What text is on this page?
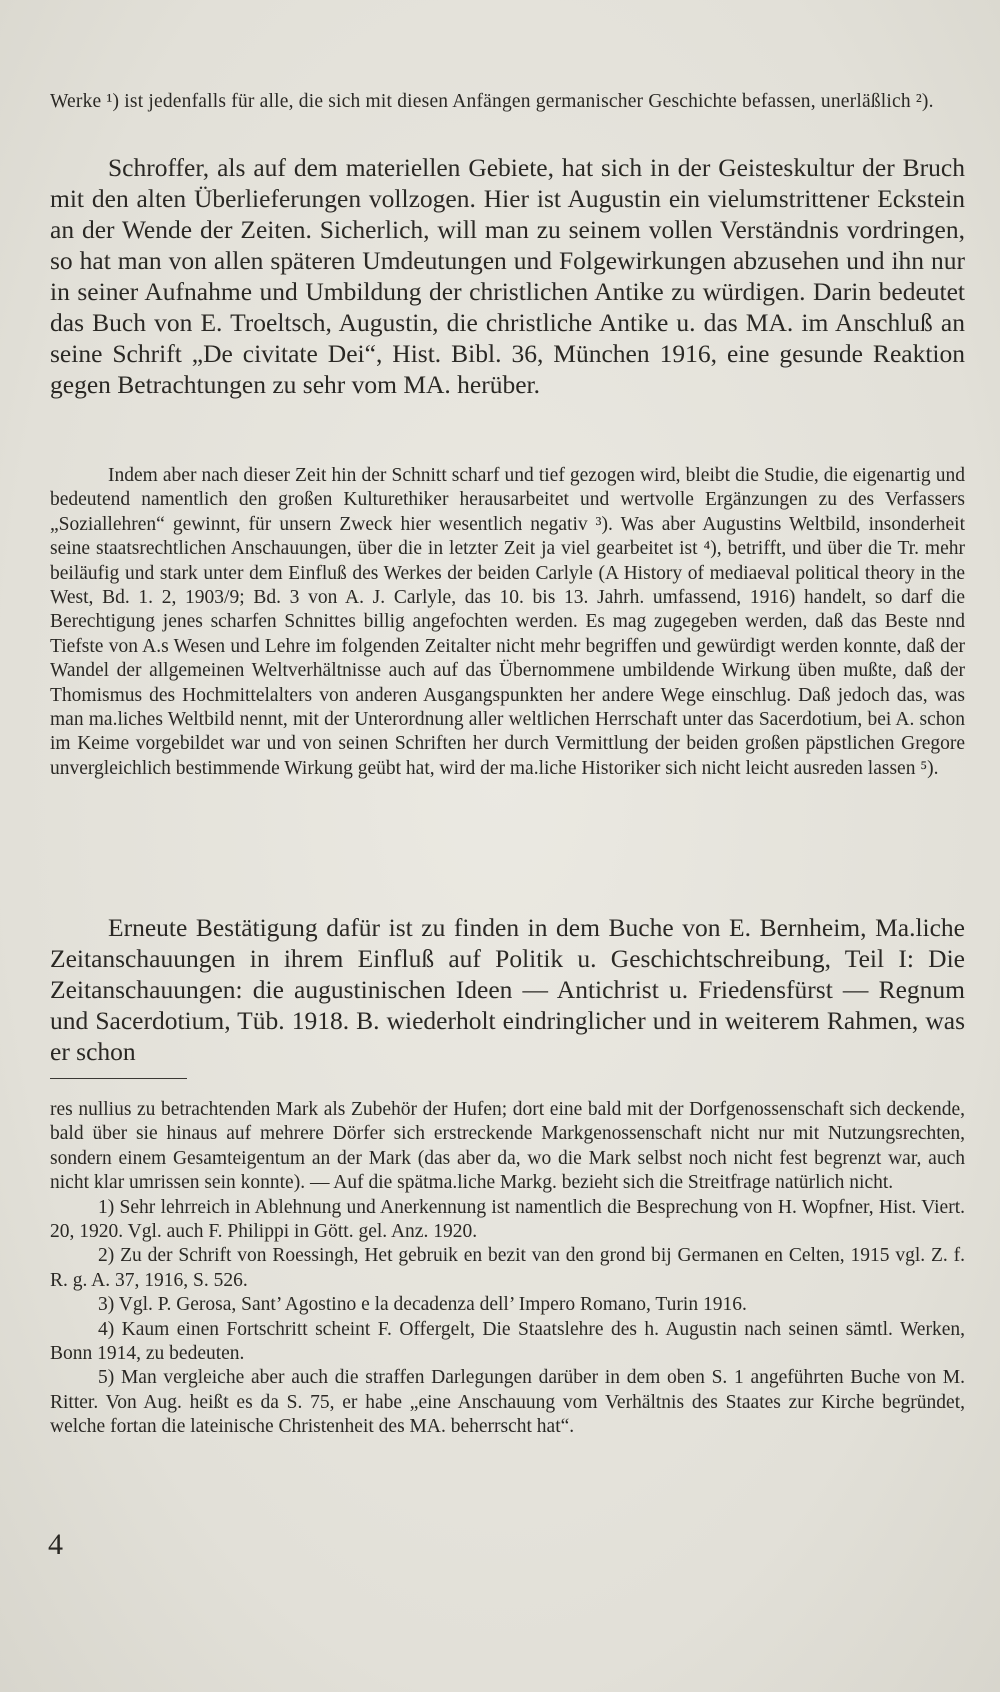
Werke ¹) ist jedenfalls für alle, die sich mit diesen Anfängen germanischer Geschichte befassen, unerläßlich ²).

Schroffer, als auf dem materiellen Gebiete, hat sich in der Geisteskultur der Bruch mit den alten Überlieferungen vollzogen. Hier ist Augustin ein vielumstrittener Eckstein an der Wende der Zeiten. Sicherlich, will man zu seinem vollen Verständnis vordringen, so hat man von allen späteren Umdeutungen und Folgewirkungen abzusehen und ihn nur in seiner Aufnahme und Umbildung der christlichen Antike zu würdigen. Darin bedeutet das Buch von E. Troeltsch, Augustin, die christliche Antike u. das MA. im Anschluß an seine Schrift „De civitate Dei“, Hist. Bibl. 36, München 1916, eine gesunde Reaktion gegen Betrachtungen zu sehr vom MA. herüber.

Indem aber nach dieser Zeit hin der Schnitt scharf und tief gezogen wird, bleibt die Studie, die eigenartig und bedeutend namentlich den großen Kulturethiker herausarbeitet und wertvolle Ergänzungen zu des Verfassers „Soziallehren“ gewinnt, für unsern Zweck hier wesentlich negativ ³). Was aber Augustins Weltbild, insonderheit seine staatsrechtlichen Anschauungen, über die in letzter Zeit ja viel gearbeitet ist ⁴), betrifft, und über die Tr. mehr beiläufig und stark unter dem Einfluß des Werkes der beiden Carlyle (A History of mediaeval political theory in the West, Bd. 1. 2, 1903/9; Bd. 3 von A. J. Carlyle, das 10. bis 13. Jahrh. umfassend, 1916) handelt, so darf die Berechtigung jenes scharfen Schnittes billig angefochten werden. Es mag zugegeben werden, daß das Beste nnd Tiefste von A.s Wesen und Lehre im folgenden Zeitalter nicht mehr begriffen und gewürdigt werden konnte, daß der Wandel der allgemeinen Weltverhältnisse auch auf das Übernommene umbildende Wirkung üben mußte, daß der Thomismus des Hochmittelalters von anderen Ausgangspunkten her andere Wege einschlug. Daß jedoch das, was man ma.liches Weltbild nennt, mit der Unterordnung aller weltlichen Herrschaft unter das Sacerdotium, bei A. schon im Keime vorgebildet war und von seinen Schriften her durch Vermittlung der beiden großen päpstlichen Gregore unvergleichlich bestimmende Wirkung geübt hat, wird der ma.liche Historiker sich nicht leicht ausreden lassen ⁵).

Erneute Bestätigung dafür ist zu finden in dem Buche von E. Bernheim, Ma.liche Zeitanschauungen in ihrem Einfluß auf Politik u. Geschichtschreibung, Teil I: Die Zeitanschauungen: die augustinischen Ideen — Antichrist u. Friedensfürst — Regnum und Sacerdotium, Tüb. 1918. B. wiederholt eindringlicher und in weiterem Rahmen, was er schon

res nullius zu betrachtenden Mark als Zubehör der Hufen; dort eine bald mit der Dorfgenossenschaft sich deckende, bald über sie hinaus auf mehrere Dörfer sich erstreckende Markgenossenschaft nicht nur mit Nutzungsrechten, sondern einem Gesamteigentum an der Mark (das aber da, wo die Mark selbst noch nicht fest begrenzt war, auch nicht klar umrissen sein konnte). — Auf die spätma.liche Markg. bezieht sich die Streitfrage natürlich nicht.

1) Sehr lehrreich in Ablehnung und Anerkennung ist namentlich die Besprechung von H. Wopfner, Hist. Viert. 20, 1920. Vgl. auch F. Philippi in Gött. gel. Anz. 1920.

2) Zu der Schrift von Roessingh, Het gebruik en bezit van den grond bij Germanen en Celten, 1915 vgl. Z. f. R. g. A. 37, 1916, S. 526.

3) Vgl. P. Gerosa, Sant’ Agostino e la decadenza dell’ Impero Romano, Turin 1916.

4) Kaum einen Fortschritt scheint F. Offergelt, Die Staatslehre des h. Augustin nach seinen sämtl. Werken, Bonn 1914, zu bedeuten.

5) Man vergleiche aber auch die straffen Darlegungen darüber in dem oben S. 1 angeführten Buche von M. Ritter. Von Aug. heißt es da S. 75, er habe „eine Anschauung vom Verhältnis des Staates zur Kirche begründet, welche fortan die lateinische Christenheit des MA. beherrscht hat“.

4
